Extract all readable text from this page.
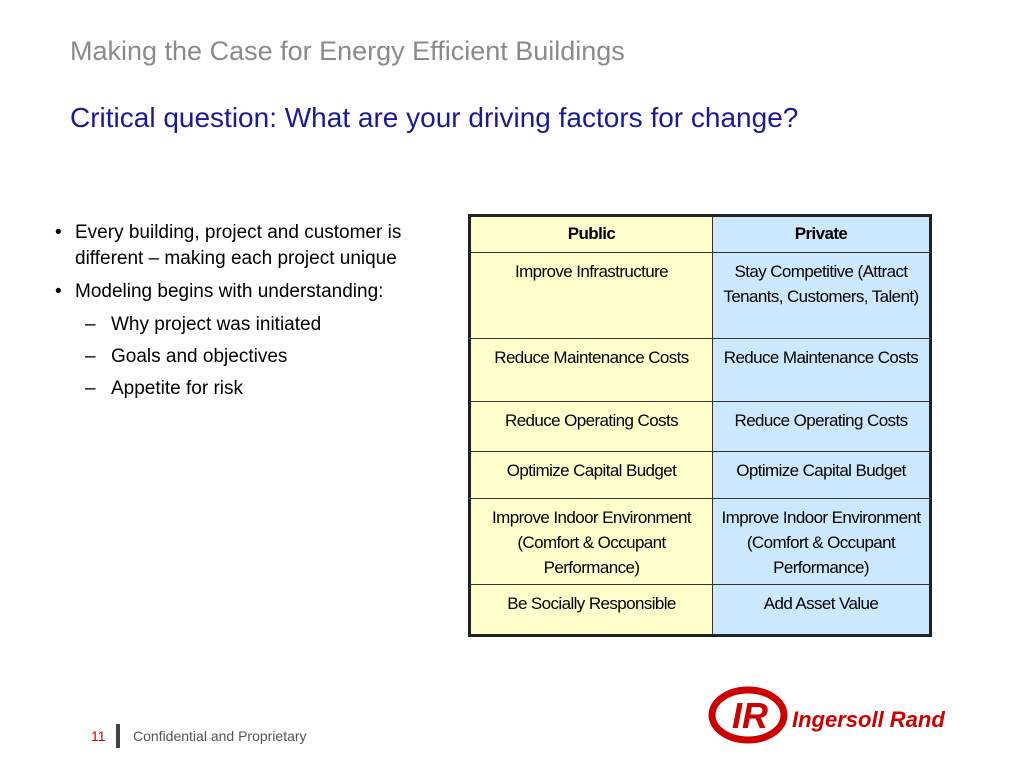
Making the Case for Energy Efficient Buildings
Critical question: What are your driving factors for change?
• Every building, project and customer is different – making each project unique
• Modeling begins with understanding:
– Why project was initiated
– Goals and objectives
– Appetite for risk
Public	Private
Improve Infrastructure	Stay Competitive (Attract Tenants, Customers, Talent)
Reduce Maintenance Costs	Reduce Maintenance Costs
Reduce Operating Costs	Reduce Operating Costs
Optimize Capital Budget	Optimize Capital Budget
Improve Indoor Environment (Comfort & Occupant Performance)	Improve Indoor Environment (Comfort & Occupant Performance)
Be Socially Responsible	Add Asset Value
11 Confidential and Proprietary	IR Ingersoll Rand
